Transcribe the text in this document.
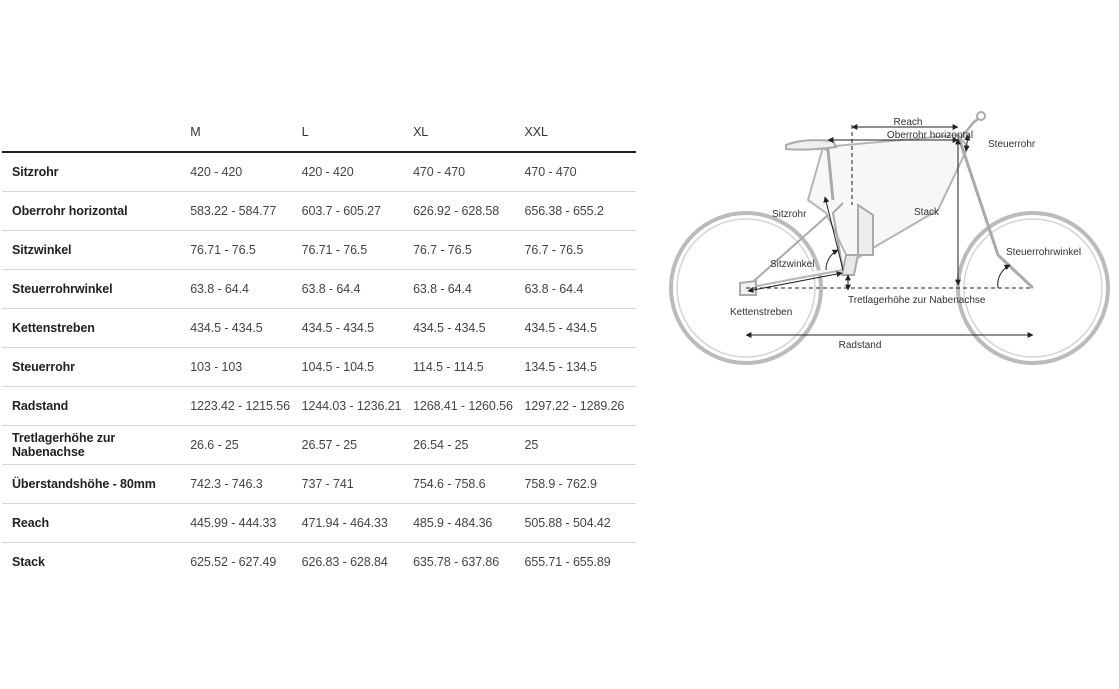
	M	L	XL	XXL
Sitzrohr	420 - 420	420 - 420	470 - 470	470 - 470
Oberrohr horizontal	583.22 - 584.77	603.7 - 605.27	626.92 - 628.58	656.38 - 655.2
Sitzwinkel	76.71 - 76.5	76.71 - 76.5	76.7 - 76.5	76.7 - 76.5
Steuerrohrwinkel	63.8 - 64.4	63.8 - 64.4	63.8 - 64.4	63.8 - 64.4
Kettenstreben	434.5 - 434.5	434.5 - 434.5	434.5 - 434.5	434.5 - 434.5
Steuerrohr	103 - 103	104.5 - 104.5	114.5 - 114.5	134.5 - 134.5
Radstand	1223.42 - 1215.56	1244.03 - 1236.21	1268.41 - 1260.56	1297.22 - 1289.26
Tretlagerhöhe zur Nabenachse	26.6 - 25	26.57 - 25	26.54 - 25	25
Überstandshöhe - 80mm	742.3 - 746.3	737 - 741	754.6 - 758.6	758.9 - 762.9
Reach	445.99 - 444.33	471.94 - 464.33	485.9 - 484.36	505.88 - 504.42
Stack	625.52 - 627.49	626.83 - 628.84	635.78 - 637.86	655.71 - 655.89
Reach
Oberrohr horizontal
Steuerrohr
Sitzrohr	Stack
Sitzwinkel
Steuerrohrwinkel
Tretlagerhöhe zur Nabenachse
Kettenstreben
Radstand
